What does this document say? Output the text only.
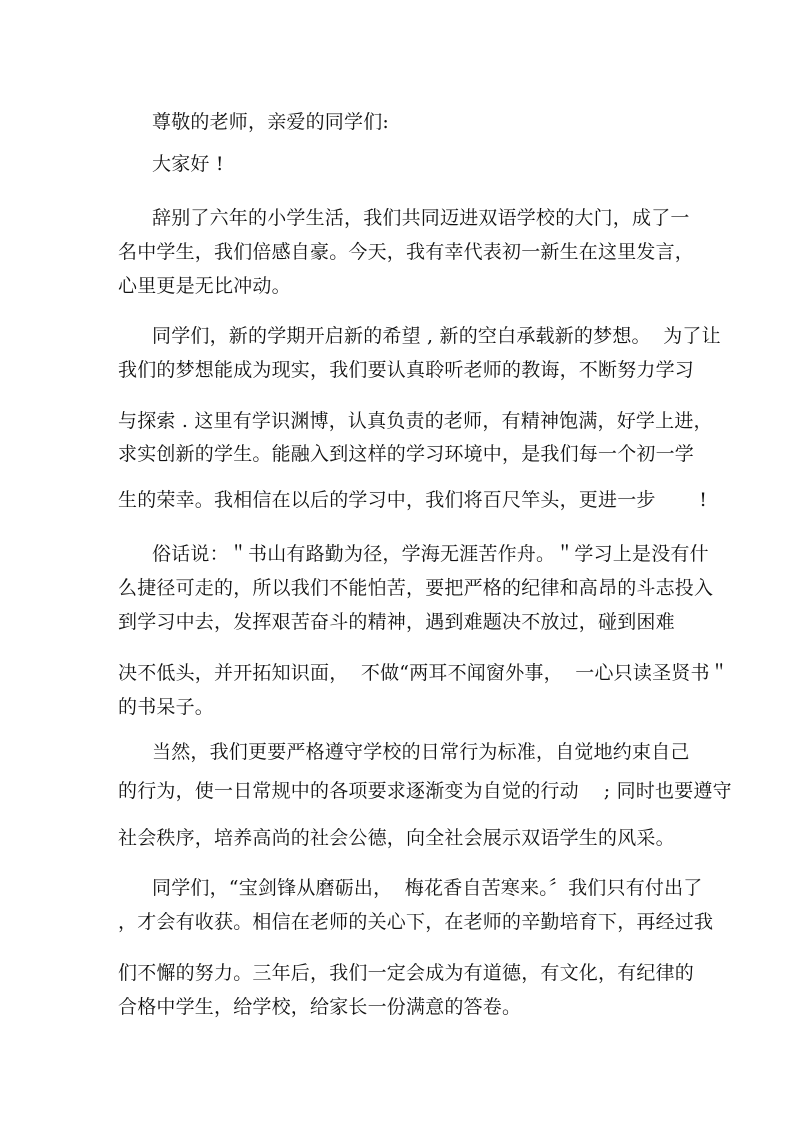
尊敬的老师，亲爱的同学们:
大家好 !
辞别了六年的小学生活，我们共同迈进双语学校的大门，成了一
名中学生，我们倍感自豪。今天，我有幸代表初一新生在这里发言，
心里更是无比冲动。
同学们，新的学期开启新的希望 , 新的空白承载新的梦想。  为了让
我们的梦想能成为现实，我们要认真聆听老师的教诲，不断努力学习
与探索 . 这里有学识渊博，认真负责的老师，有精神饱满，好学上进，
求实创新的学生。能融入到这样的学习环境中，是我们每一个初一学
生的荣幸。我相信在以后的学习中，我们将百尺竿头，更进一步       !
俗话说：＂书山有路勤为径，学海无涯苦作舟。＂学习上是没有什
么捷径可走的，所以我们不能怕苦，要把严格的纪律和高昂的斗志投入
到学习中去，发挥艰苦奋斗的精神，遇到难题决不放过，碰到困难
决不低头，并开拓知识面，  不做“两耳不闻窗外事，  一心只读圣贤书＂
的书呆子。
当然，我们更要严格遵守学校的日常行为标准，自觉地约束自己
的行为，使一日常规中的各项要求逐渐变为自觉的行动    ; 同时也要遵守
社会秩序，培养高尚的社会公德，向全社会展示双语学生的风采。
同学们，“宝剑锋从磨砺出，  梅花香自苦寒来。〞我们只有付出了
，才会有收获。相信在老师的关心下，在老师的辛勤培育下，再经过我
们不懈的努力。三年后，我们一定会成为有道德，有文化，有纪律的
合格中学生，给学校，给家长一份满意的答卷。
